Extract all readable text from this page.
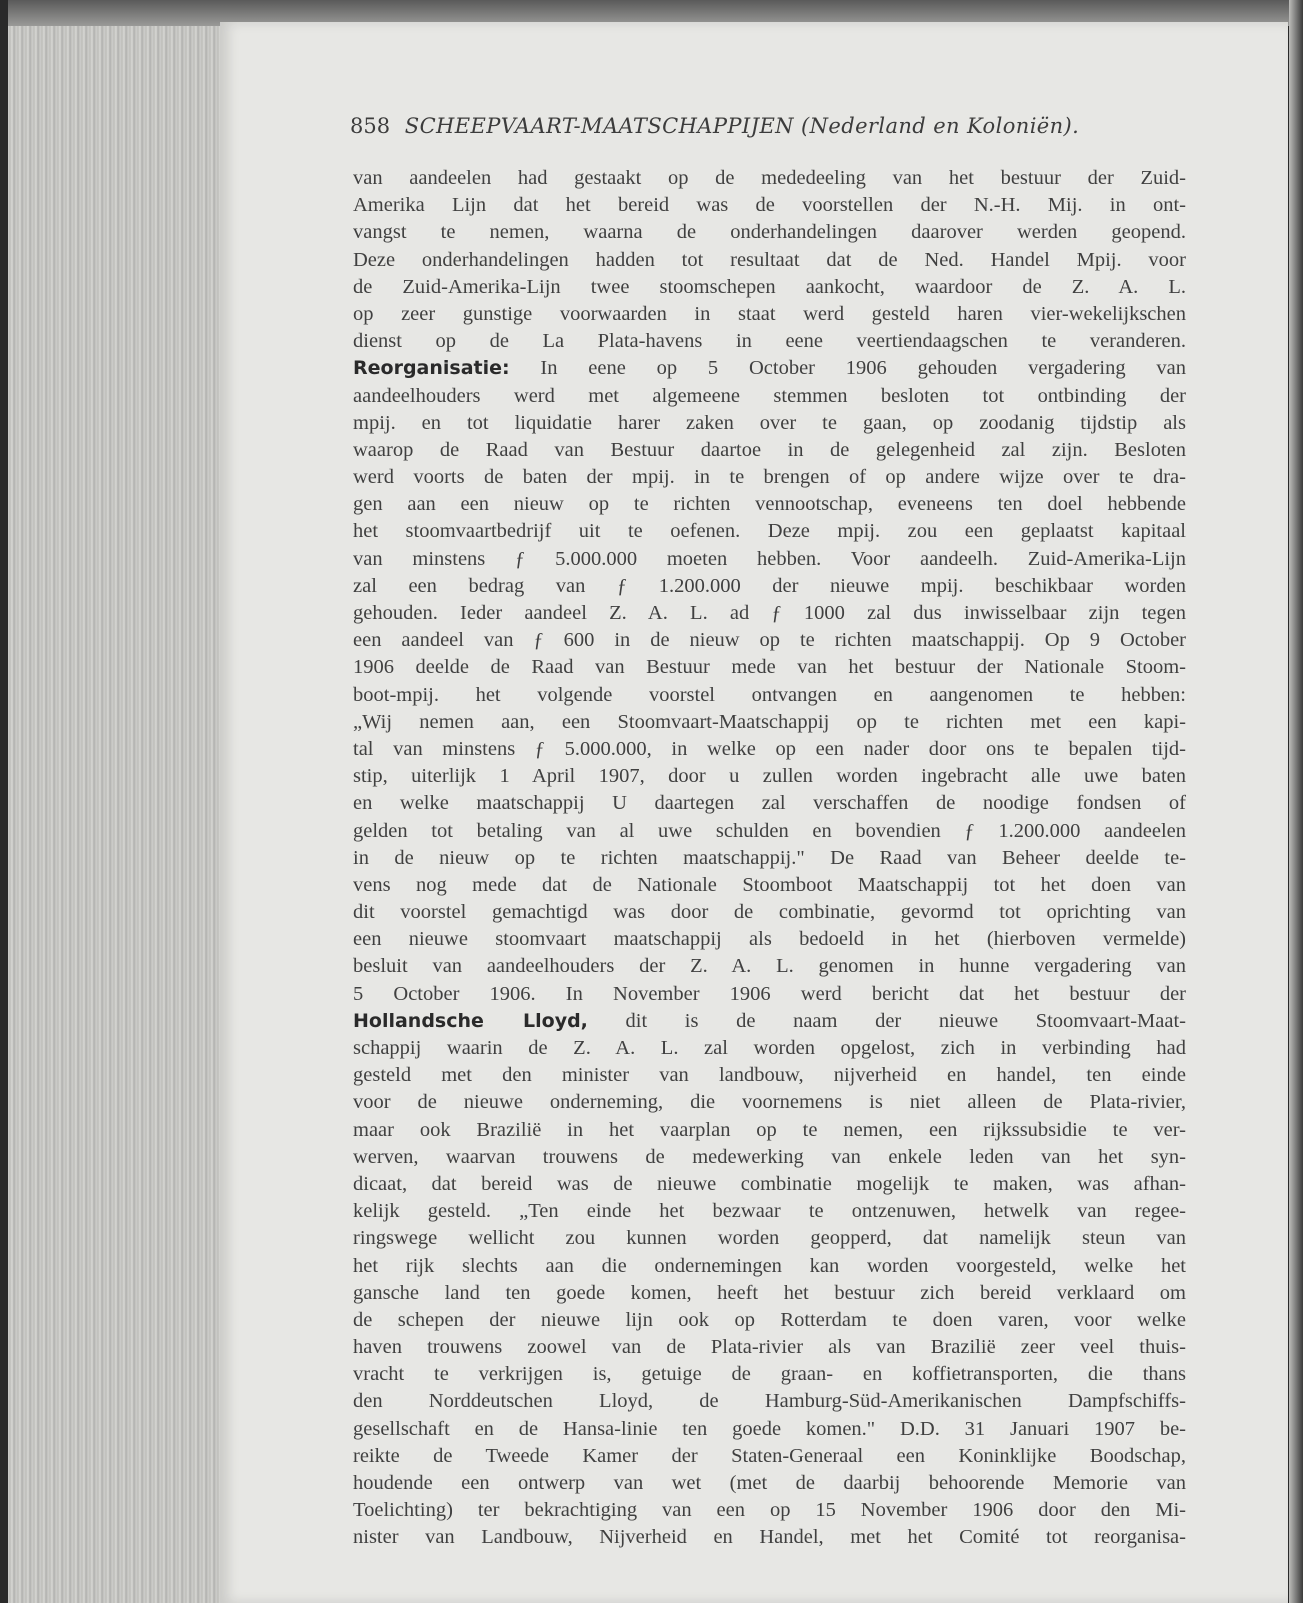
858 SCHEEPVAART-MAATSCHAPPIJEN (Nederland en Koloniën).
van aandeelen had gestaakt op de mededeeling van het bestuur der Zuid-
Amerika Lijn dat het bereid was de voorstellen der N.-H. Mij. in ont-
vangst te nemen, waarna de onderhandelingen daarover werden geopend.
Deze onderhandelingen hadden tot resultaat dat de Ned. Handel Mpij. voor
de Zuid-Amerika-Lijn twee stoomschepen aankocht, waardoor de Z. A. L.
op zeer gunstige voorwaarden in staat werd gesteld haren vier-wekelijkschen
dienst op de La Plata-havens in eene veertiendaagschen te veranderen.
Reorganisatie: In eene op 5 October 1906 gehouden vergadering van
aandeelhouders werd met algemeene stemmen besloten tot ontbinding der
mpij. en tot liquidatie harer zaken over te gaan, op zoodanig tijdstip als
waarop de Raad van Bestuur daartoe in de gelegenheid zal zijn. Besloten
werd voorts de baten der mpij. in te brengen of op andere wijze over te dra-
gen aan een nieuw op te richten vennootschap, eveneens ten doel hebbende
het stoomvaartbedrijf uit te oefenen. Deze mpij. zou een geplaatst kapitaal
van minstens ƒ 5.000.000 moeten hebben. Voor aandeelh. Zuid-Amerika-Lijn
zal een bedrag van ƒ 1.200.000 der nieuwe mpij. beschikbaar worden
gehouden. Ieder aandeel Z. A. L. ad ƒ 1000 zal dus inwisselbaar zijn tegen
een aandeel van ƒ 600 in de nieuw op te richten maatschappij. Op 9 October
1906 deelde de Raad van Bestuur mede van het bestuur der Nationale Stoom-
boot-mpij. het volgende voorstel ontvangen en aangenomen te hebben:
„Wij nemen aan, een Stoomvaart-Maatschappij op te richten met een kapi-
tal van minstens ƒ 5.000.000, in welke op een nader door ons te bepalen tijd-
stip, uiterlijk 1 April 1907, door u zullen worden ingebracht alle uwe baten
en welke maatschappij U daartegen zal verschaffen de noodige fondsen of
gelden tot betaling van al uwe schulden en bovendien ƒ 1.200.000 aandeelen
in de nieuw op te richten maatschappij." De Raad van Beheer deelde te-
vens nog mede dat de Nationale Stoomboot Maatschappij tot het doen van
dit voorstel gemachtigd was door de combinatie, gevormd tot oprichting van
een nieuwe stoomvaart maatschappij als bedoeld in het (hierboven vermelde)
besluit van aandeelhouders der Z. A. L. genomen in hunne vergadering van
5 October 1906. In November 1906 werd bericht dat het bestuur der
Hollandsche Lloyd, dit is de naam der nieuwe Stoomvaart-Maat-
schappij waarin de Z. A. L. zal worden opgelost, zich in verbinding had
gesteld met den minister van landbouw, nijverheid en handel, ten einde
voor de nieuwe onderneming, die voornemens is niet alleen de Plata-rivier,
maar ook Brazilië in het vaarplan op te nemen, een rijkssubsidie te ver-
werven, waarvan trouwens de medewerking van enkele leden van het syn-
dicaat, dat bereid was de nieuwe combinatie mogelijk te maken, was afhan-
kelijk gesteld. „Ten einde het bezwaar te ontzenuwen, hetwelk van regee-
ringswege wellicht zou kunnen worden geopperd, dat namelijk steun van
het rijk slechts aan die ondernemingen kan worden voorgesteld, welke het
gansche land ten goede komen, heeft het bestuur zich bereid verklaard om
de schepen der nieuwe lijn ook op Rotterdam te doen varen, voor welke
haven trouwens zoowel van de Plata-rivier als van Brazilië zeer veel thuis-
vracht te verkrijgen is, getuige de graan- en koffietransporten, die thans
den Norddeutschen Lloyd, de Hamburg-Süd-Amerikanischen Dampfschiffs-
gesellschaft en de Hansa-linie ten goede komen." D.D. 31 Januari 1907 be-
reikte de Tweede Kamer der Staten-Generaal een Koninklijke Boodschap,
houdende een ontwerp van wet (met de daarbij behoorende Memorie van
Toelichting) ter bekrachtiging van een op 15 November 1906 door den Mi-
nister van Landbouw, Nijverheid en Handel, met het Comité tot reorganisa-
